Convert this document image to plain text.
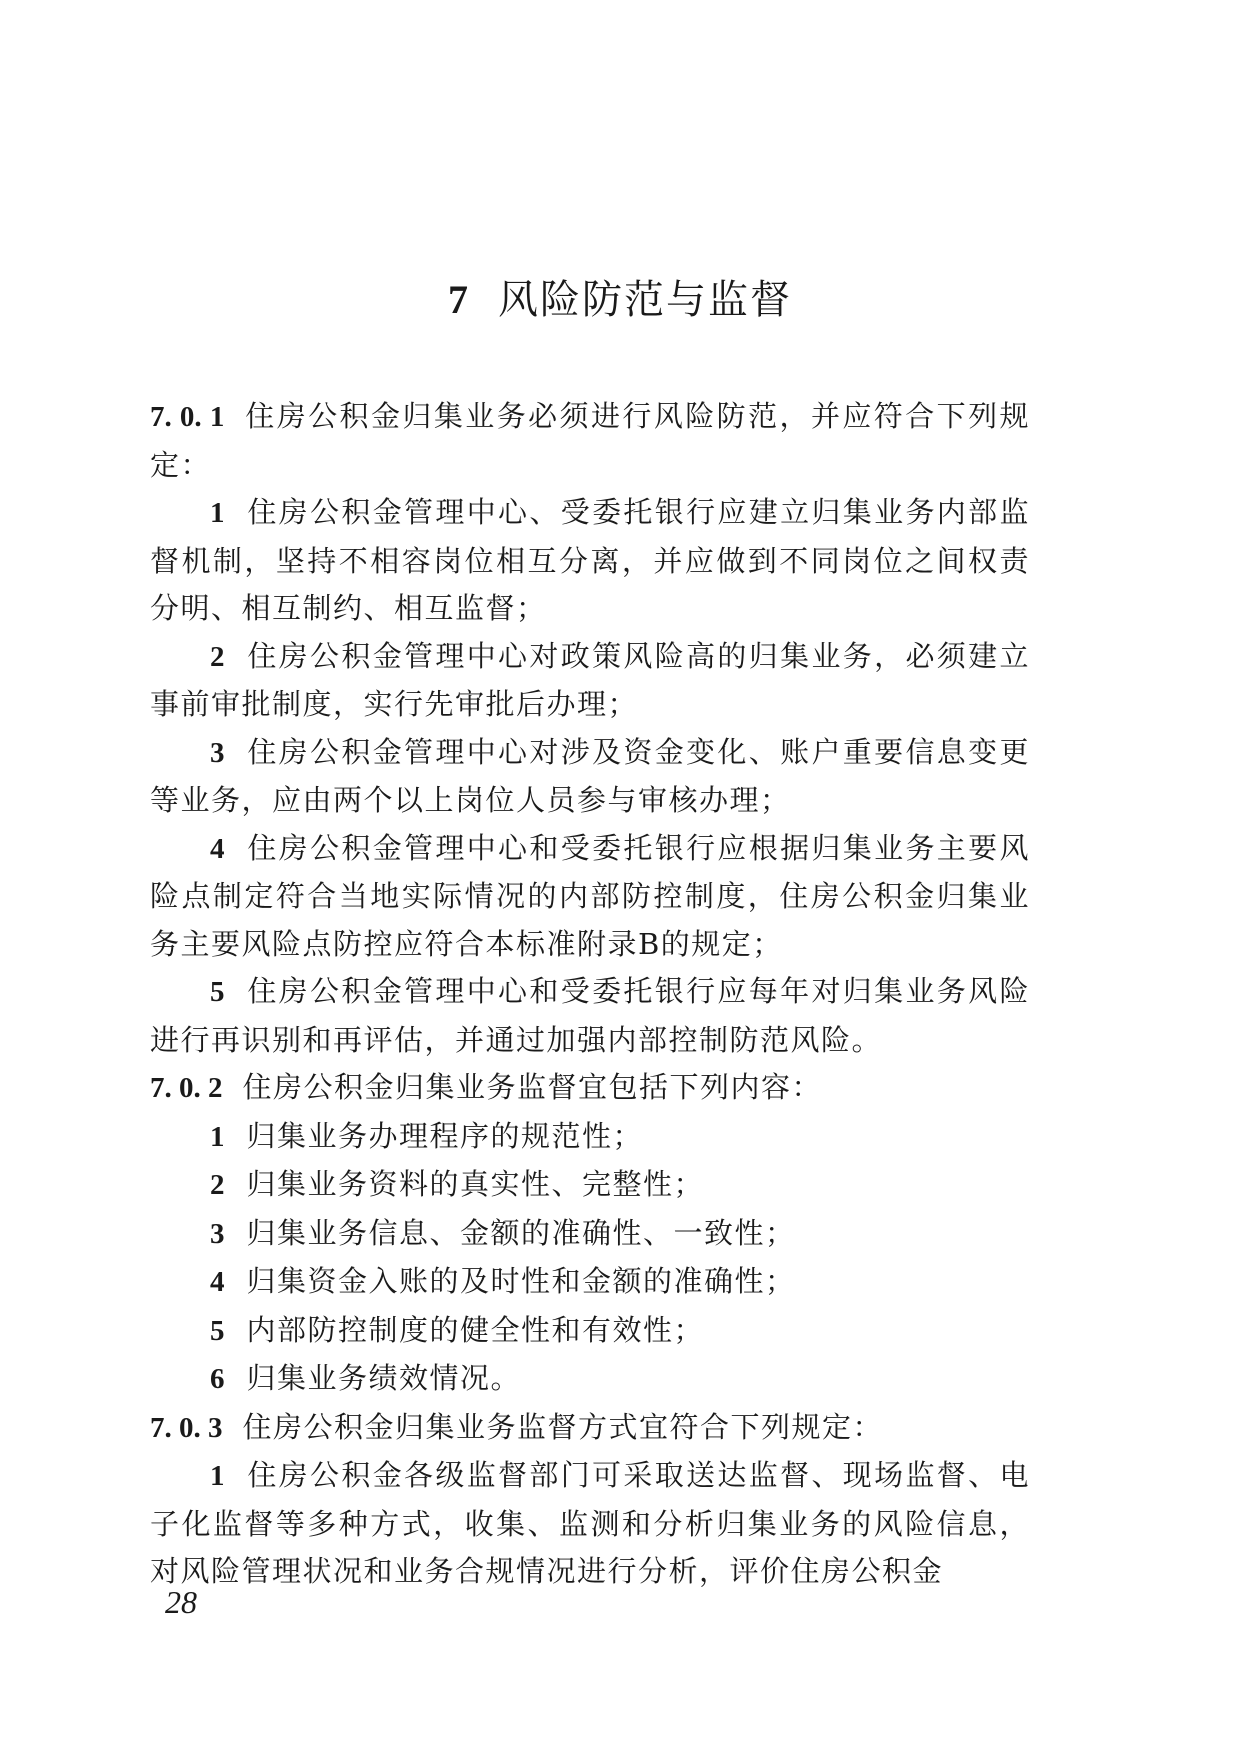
7 风险防范与监督

7. 0. 1 住房公积金归集业务必须进行风险防范，并应符合下列规定：

1 住房公积金管理中心、受委托银行应建立归集业务内部监督机制，坚持不相容岗位相互分离，并应做到不同岗位之间权责分明、相互制约、相互监督；

2 住房公积金管理中心对政策风险高的归集业务，必须建立事前审批制度，实行先审批后办理；

3 住房公积金管理中心对涉及资金变化、账户重要信息变更等业务，应由两个以上岗位人员参与审核办理；

4 住房公积金管理中心和受委托银行应根据归集业务主要风险点制定符合当地实际情况的内部防控制度，住房公积金归集业务主要风险点防控应符合本标准附录B的规定；

5 住房公积金管理中心和受委托银行应每年对归集业务风险进行再识别和再评估，并通过加强内部控制防范风险。

7. 0. 2 住房公积金归集业务监督宜包括下列内容：

1 归集业务办理程序的规范性；

2 归集业务资料的真实性、完整性；

3 归集业务信息、金额的准确性、一致性；

4 归集资金入账的及时性和金额的准确性；

5 内部防控制度的健全性和有效性；

6 归集业务绩效情况。

7. 0. 3 住房公积金归集业务监督方式宜符合下列规定：

1 住房公积金各级监督部门可采取送达监督、现场监督、电子化监督等多种方式，收集、监测和分析归集业务的风险信息，对风险管理状况和业务合规情况进行分析，评价住房公积金

28
